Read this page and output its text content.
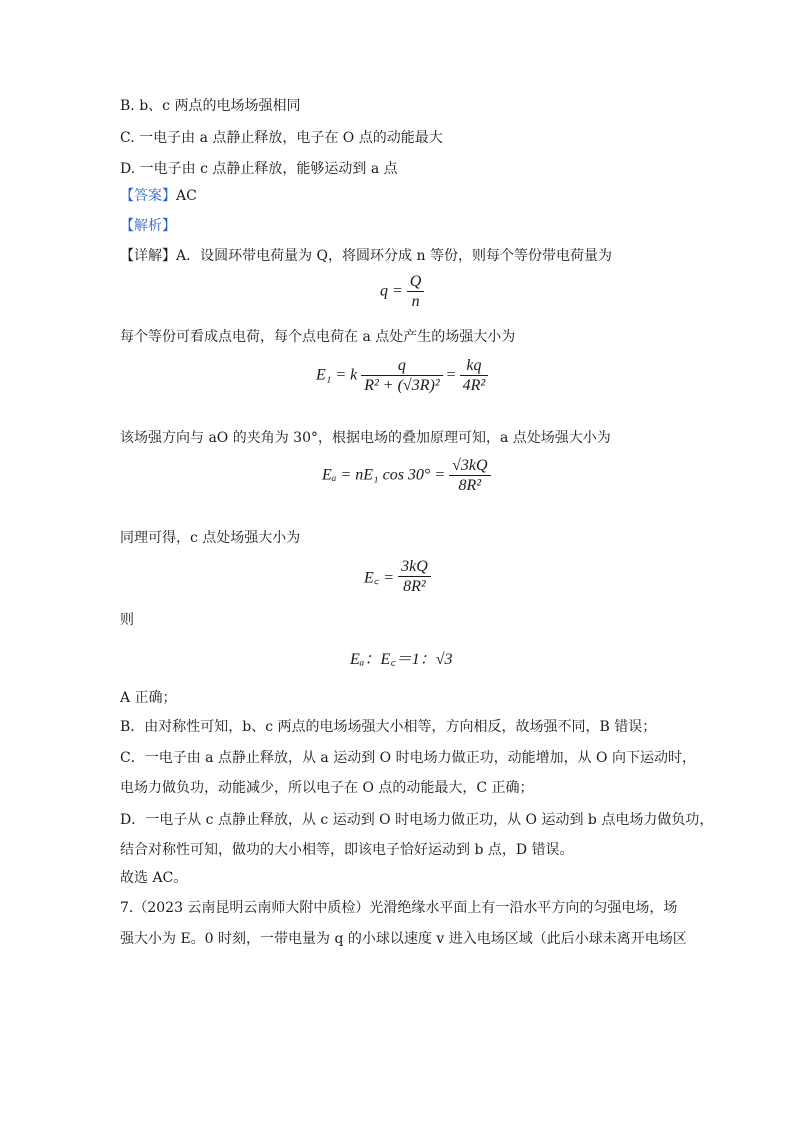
B. b、c 两点的电场场强相同
C. 一电子由 a 点静止释放，电子在 O 点的动能最大
D. 一电子由 c 点静止释放，能够运动到 a 点
【答案】AC
【解析】
【详解】A．设圆环带电荷量为 Q，将圆环分成 n 等份，则每个等份带电荷量为
$q = \frac{Q}{n}$
每个等份可看成点电荷，每个点电荷在 a 点处产生的场强大小为
E₁ = k $\frac{q}{\text{R² + (√3R)²}} = \frac{kq}{\text{4R²}}$
该场强方向与 aO 的夹角为 30°，根据电场的叠加原理可知，a 点处场强大小为
Eₐ = nE₁ $\cos 30^\circ = \frac{√3kQ}{\text{8R²}}$
同理可得，c 点处场强大小为
E꜀ = $\frac{3kQ}{\text{8R²}}$
则
Eₐ：E꜀＝1：√3
A 正确；
B．由对称性可知，b、c 两点的电场场强大小相等，方向相反，故场强不同，B 错误；
C．一电子由 a 点静止释放，从 a 运动到 O 时电场力做正功，动能增加，从 O 向下运动时，
电场力做负功，动能减少，所以电子在 O 点的动能最大，C 正确；
D．一电子从 c 点静止释放，从 c 运动到 O 时电场力做正功，从 O 运动到 b 点电场力做负功，
结合对称性可知，做功的大小相等，即该电子恰好运动到 b 点，D 错误。
故选 AC。
7.（2023 云南昆明云南师大附中质检）光滑绝缘水平面上有一沿水平方向的匀强电场，场
强大小为 E。0 时刻，一带电量为 q 的小球以速度 v 进入电场区域（此后小球未离开电场区
